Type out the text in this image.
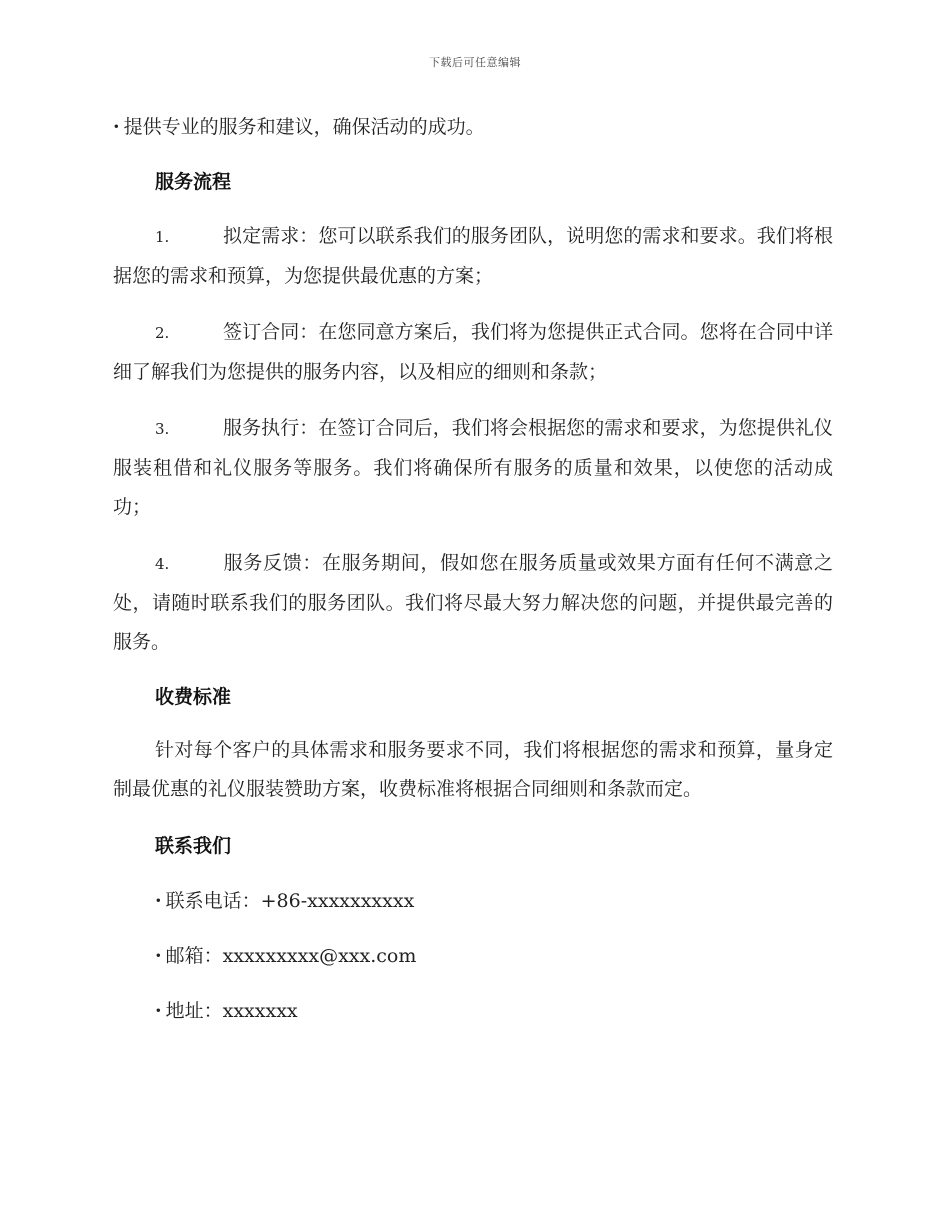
下载后可任意编辑

· 提供专业的服务和建议，确保活动的成功。

服务流程

1.	拟定需求：您可以联系我们的服务团队，说明您的需求和要求。我们将根据您的需求和预算，为您提供最优惠的方案；

2.	签订合同：在您同意方案后，我们将为您提供正式合同。您将在合同中详细了解我们为您提供的服务内容，以及相应的细则和条款；

3.	服务执行：在签订合同后，我们将会根据您的需求和要求，为您提供礼仪服装租借和礼仪服务等服务。我们将确保所有服务的质量和效果，以使您的活动成功；

4.	服务反馈：在服务期间，假如您在服务质量或效果方面有任何不满意之处，请随时联系我们的服务团队。我们将尽最大努力解决您的问题，并提供最完善的服务。

收费标准

针对每个客户的具体需求和服务要求不同，我们将根据您的需求和预算，量身定制最优惠的礼仪服装赞助方案，收费标准将根据合同细则和条款而定。

联系我们

· 联系电话：+86-xxxxxxxxxx

· 邮箱：xxxxxxxxx@xxx.com

· 地址：xxxxxxx
